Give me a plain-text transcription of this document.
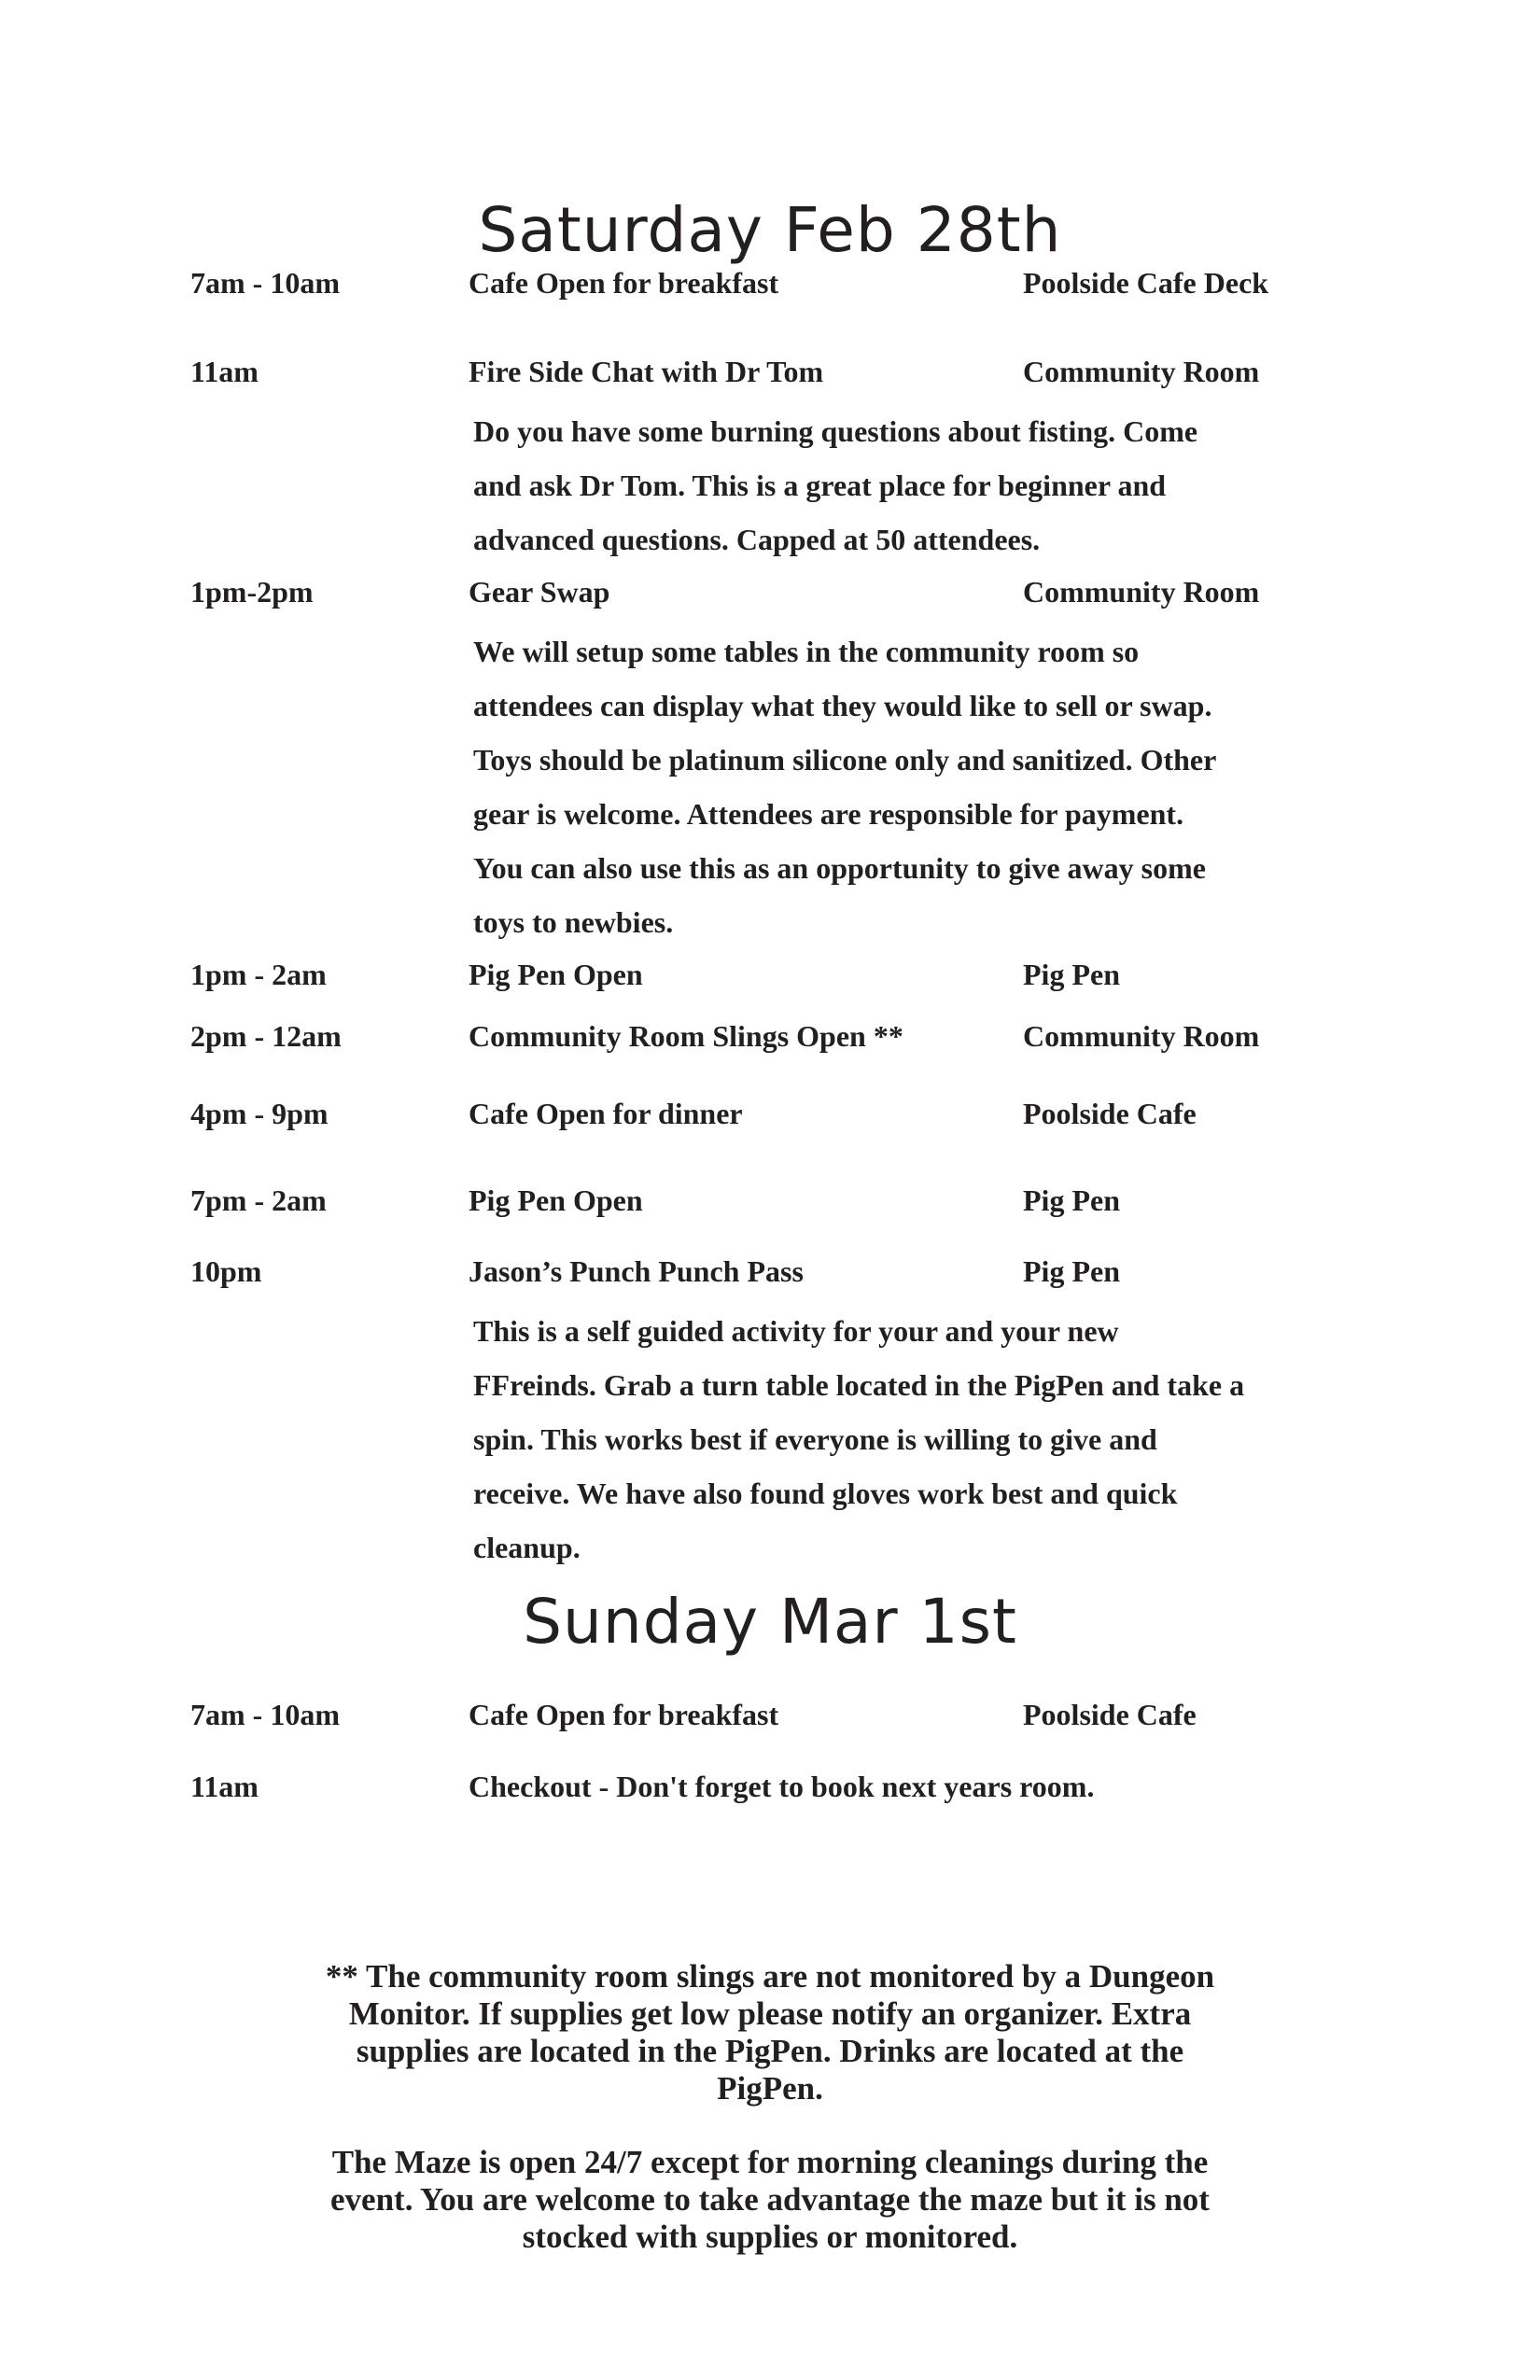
Saturday Feb 28th
7am - 10am	Cafe Open for breakfast	Poolside Cafe Deck
11am	Fire Side Chat with Dr Tom	Community Room
Do you have some burning questions about fisting. Come
and ask Dr Tom. This is a great place for beginner and
advanced questions. Capped at 50 attendees.
1pm-2pm	Gear Swap	Community Room
We will setup some tables in the community room so
attendees can display what they would like to sell or swap.
Toys should be platinum silicone only and sanitized. Other
gear is welcome. Attendees are responsible for payment.
You can also use this as an opportunity to give away some
toys to newbies.
1pm - 2am	Pig Pen Open	Pig Pen
2pm - 12am	Community Room Slings Open **	Community Room
4pm - 9pm	Cafe Open for dinner	Poolside Cafe
7pm - 2am	Pig Pen Open	Pig Pen
10pm	Jason’s Punch Punch Pass	Pig Pen
This is a self guided activity for your and your new
FFreinds. Grab a turn table located in the PigPen and take a
spin. This works best if everyone is willing to give and
receive. We have also found gloves work best and quick
cleanup.
Sunday Mar 1st
7am - 10am	Cafe Open for breakfast	Poolside Cafe
11am	Checkout - Don't forget to book next years room.
** The community room slings are not monitored by a Dungeon
Monitor. If supplies get low please notify an organizer. Extra
supplies are located in the PigPen. Drinks are located at the
PigPen.
The Maze is open 24/7 except for morning cleanings during the
event. You are welcome to take advantage the maze but it is not
stocked with supplies or monitored.
